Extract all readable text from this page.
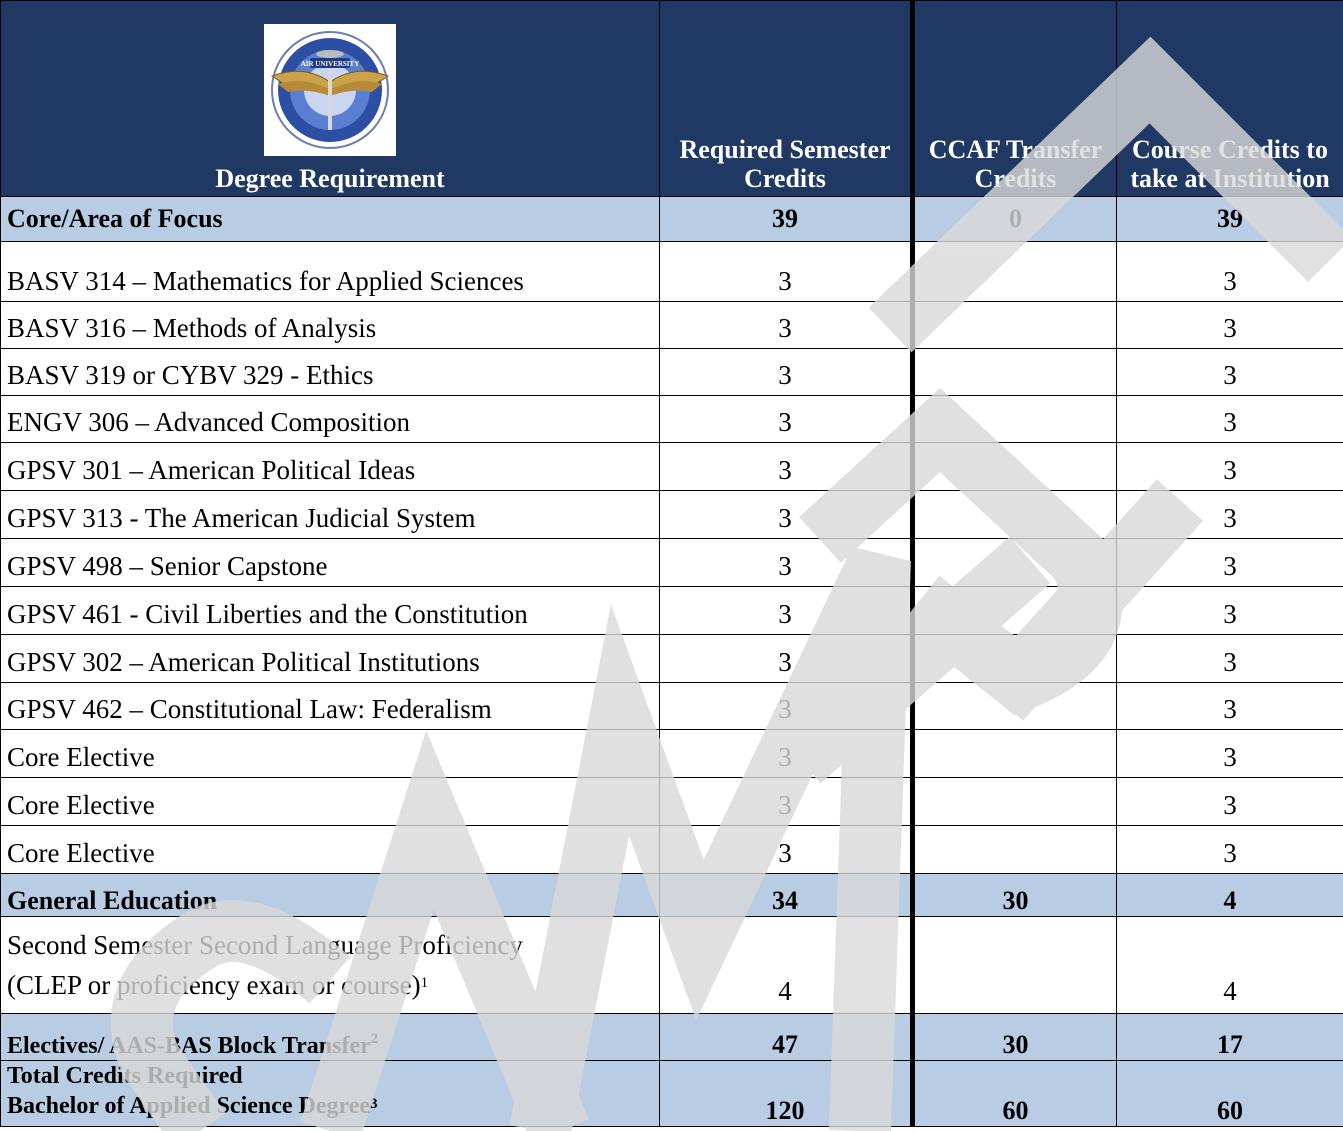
AIR UNIVERSITY
Degree Requirement	Required Semester Credits	CCAF Transfer Credits	Course Credits to take at Institution
Core/Area of Focus	39	0	39
BASV 314 – Mathematics for Applied Sciences	3		3
BASV 316 – Methods of Analysis	3		3
BASV 319 or CYBV 329 - Ethics	3		3
ENGV 306 – Advanced Composition	3		3
GPSV 301 – American Political Ideas	3		3
GPSV 313 - The American Judicial System	3		3
GPSV 498 – Senior Capstone	3		3
GPSV 461 - Civil Liberties and the Constitution	3		3
GPSV 302 – American Political Institutions	3		3
GPSV 462 – Constitutional Law: Federalism	3		3
Core Elective	3		3
Core Elective	3		3
Core Elective	3		3
General Education	34	30	4
Second Semester Second Language Proficiency
(CLEP or proficiency exam or course)$^1$	4		4
Electives/ AAS-BAS Block Transfer$^2$	47	30	17
Total Credits Required
Bachelor of Applied Science Degree$^3$	120	60	60
